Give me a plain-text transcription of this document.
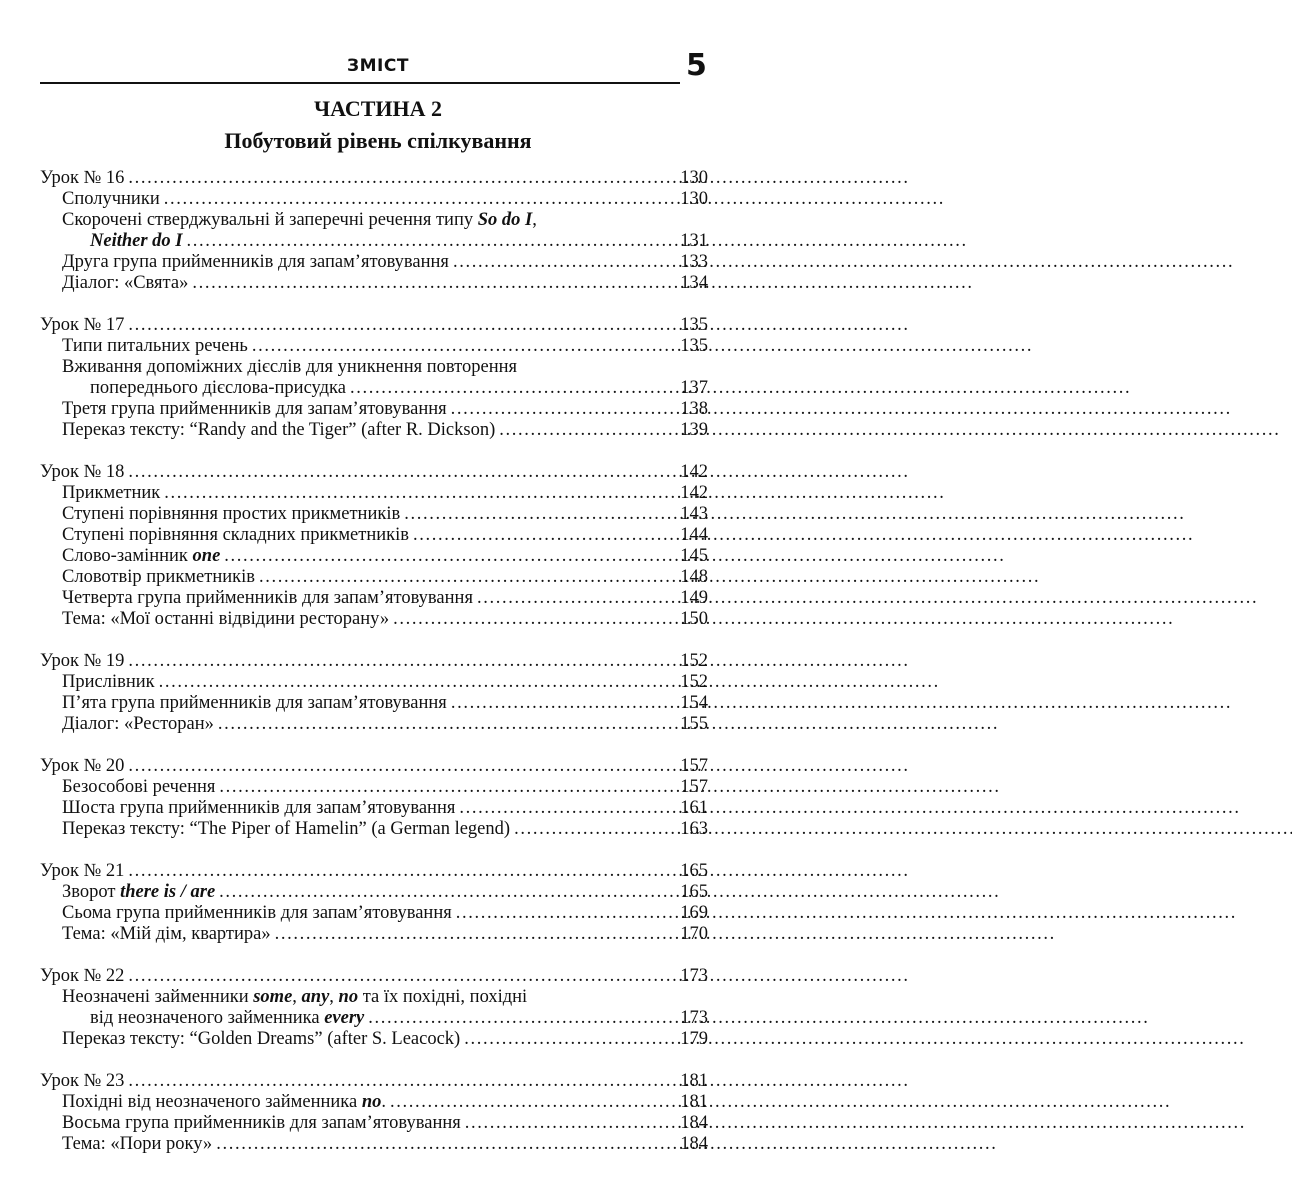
ЗМІСТ	5
ЧАСТИНА 2
Побутовий рівень спілкування
Урок № 16 . . .	130
Сполучники . . .	130
Скорочені стверджувальні й заперечні речення типу So do I,
Neither do I . . .	131
Друга група прийменників для запам’ятовування . . .	133
Діалог: «Свята» . . .	134
Урок № 17 . . .	135
Типи питальних речень . . .	135
Вживання допоміжних дієслів для уникнення повторення
попереднього дієслова-присудка . . .	137
Третя група прийменників для запам’ятовування . . .	138
Переказ тексту: “Randy and the Tiger” (after R. Dickson) . . .	139
Урок № 18 . . .	142
Прикметник . . .	142
Ступені порівняння простих прикметників . . .	143
Ступені порівняння складних прикметників . . .	144
Слово-замінник one . . .	145
Словотвір прикметників . . .	148
Четверта група прийменників для запам’ятовування . . .	149
Тема: «Мої останні відвідини ресторану» . . .	150
Урок № 19 . . .	152
Прислівник . . .	152
П’ята група прийменників для запам’ятовування . . .	154
Діалог: «Ресторан» . . .	155
Урок № 20 . . .	157
Безособові речення . . .	157
Шоста група прийменників для запам’ятовування . . .	161
Переказ тексту: “The Piper of Hamelin” (a German legend) . . .	163
Урок № 21 . . .	165
Зворот there is / are . . .	165
Сьома група прийменників для запам’ятовування . . .	169
Тема: «Мій дім, квартира» . . .	170
Урок № 22 . . .	173
Неозначені займенники some, any, no та їх похідні, похідні
від неозначеного займенника every . . .	173
Переказ тексту: “Golden Dreams” (after S. Leacock) . . .	179
Урок № 23 . . .	181
Похідні від неозначеного займенника no. . . .	181
Восьма група прийменників для запам’ятовування . . .	184
Тема: «Пори року» . . .	184
